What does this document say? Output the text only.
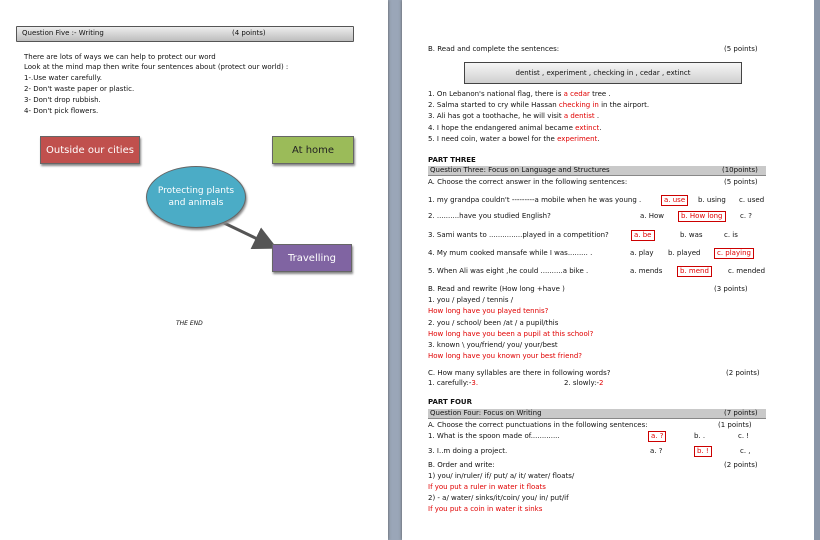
Question Five :- Writing	(4 points)
There are lots of ways we can help to protect our word
Look at the mind map then write four sentences about (protect our world) :
1-.Use water carefully.
2- Don't waste paper or plastic.
3- Don't drop rubbish.
4- Don't pick flowers.
Outside our cities	At home
Protecting plants and animals
Travelling
THE END
B. Read and complete the sentences:	(5 points)
dentist , experiment , checking in , cedar , extinct
1. On Lebanon's national flag, there is a cedar tree .
2. Salma started to cry while Hassan checking in in the airport.
3. Ali has got a toothache, he will visit a dentist .
4. I hope the endangered animal became extinct.
5. I need coin, water a bowel for the experiment.
PART THREE
Question Three: Focus on Language and Structures	(10points)
A. Choose the correct answer in the following sentences:	(5 points)
1. my grandpa couldn't ---------a mobile when he was young .	a. use	b. using c. used
2. ..........have you studied English?	a. How	b. How long	c. ?
3. Sami wants to ...............played in a competition?	a. be	b. was	c. is
4. My mum cooked mansafe while I was......... .	a. play b. played	c. playing
5. When Ali was eight ,he could ..........a bike .	a. mends	b. mend	c. mended
B. Read and rewrite (How long +have )	(3 points)
1. you / played / tennis /
How long have you played tennis?
2. you / school/ been /at / a pupil/this
How long have you been a pupil at this school?
3. known \ you/friend/ you/ your/best
How long have you known your best friend?
C. How many syllables are there in following words?	(2 points)
1. carefully:-3.	2. slowly:-2
PART FOUR
Question Four: Focus on Writing	(7 points)
A. Choose the correct punctuations in the following sentences:	(1 points)
1. What is the spoon made of.............	a. ?	b. .	c. !
3. I..m doing a project.	a. ?	b. !	c. ,
B. Order and write:	(2 points)
1) you/ in/ruler/ if/ put/ a/ it/ water/ floats/
If you put a ruler in water it floats
2) - a/ water/ sinks/it/coin/ you/ in/ put/if
If you put a coin in water it sinks
